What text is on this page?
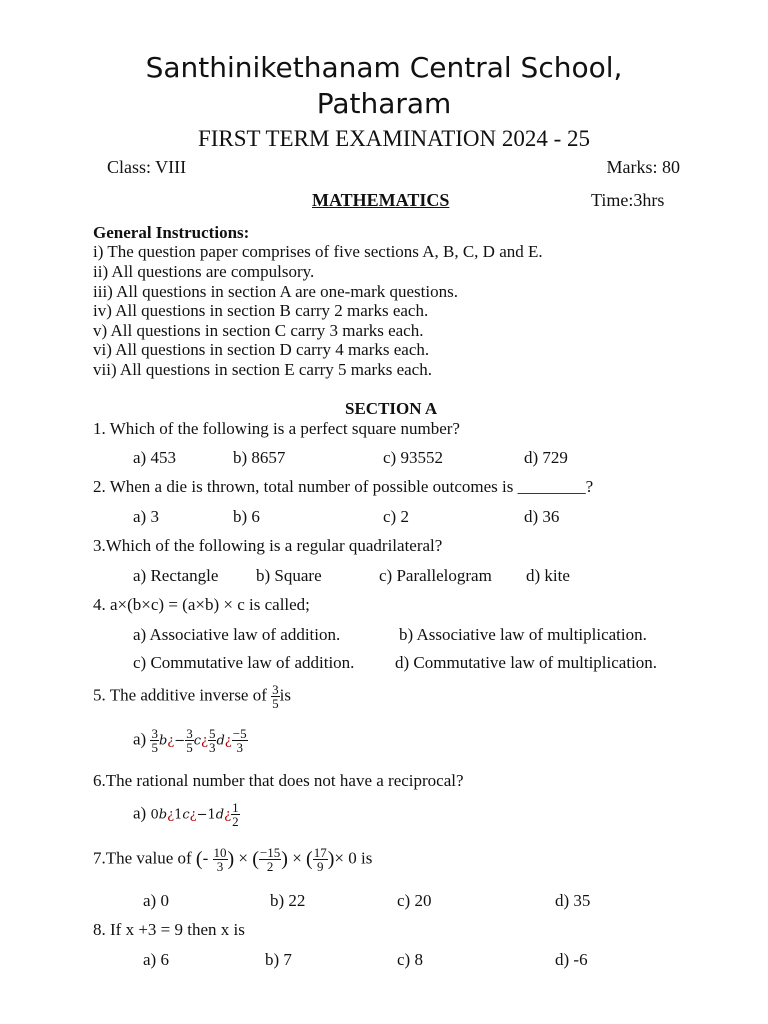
Santhinikethanam Central School,
Patharam
FIRST TERM EXAMINATION 2024 - 25
Class: VIII	Marks: 80
MATHEMATICS	Time:3hrs
General Instructions:
i) The question paper comprises of five sections A, B, C, D and E.
ii) All questions are compulsory.
iii) All questions in section A are one-mark questions.
iv) All questions in section B carry 2 marks each.
v) All questions in section C carry 3 marks each.
vi) All questions in section D carry 4 marks each.
vii) All questions in section E carry 5 marks each.
SECTION A
1. Which of the following is a perfect square number?
a) 453	b) 8657	c) 93552	d) 729
2. When a die is thrown, total number of possible outcomes is ________?
a) 3	b) 6	c) 2	d) 36
3.Which of the following is a regular quadrilateral?
a) Rectangle b) Square	c) Parallelogram d) kite
4. a×(b×c) = (a×b) × c is called;
a) Associative law of addition.	b) Associative law of multiplication.
c) Commutative law of addition. d) Commutative law of multiplication.
5. The additive inverse of $\frac{3}{5}$ is
$a) \frac{3}{5}$ b¿− $\frac{3}{5}$ c¿ $\frac{5}{3}$ d¿ $\frac{-5}{3}$
6.The rational number that does not have a reciprocal?
a) 0b¿1c¿−1d¿ $\frac{1}{2}$
7.The value of (- $\frac{10}{3}$ ) × ( $\frac{-15}{2}$ ) × ( $\frac{17}{9}$ )× 0 is
a) 0	b) 22	c) 20	d) 35
8. If x +3 = 9 then x is
a) 6	b) 7	c) 8	d) -6
